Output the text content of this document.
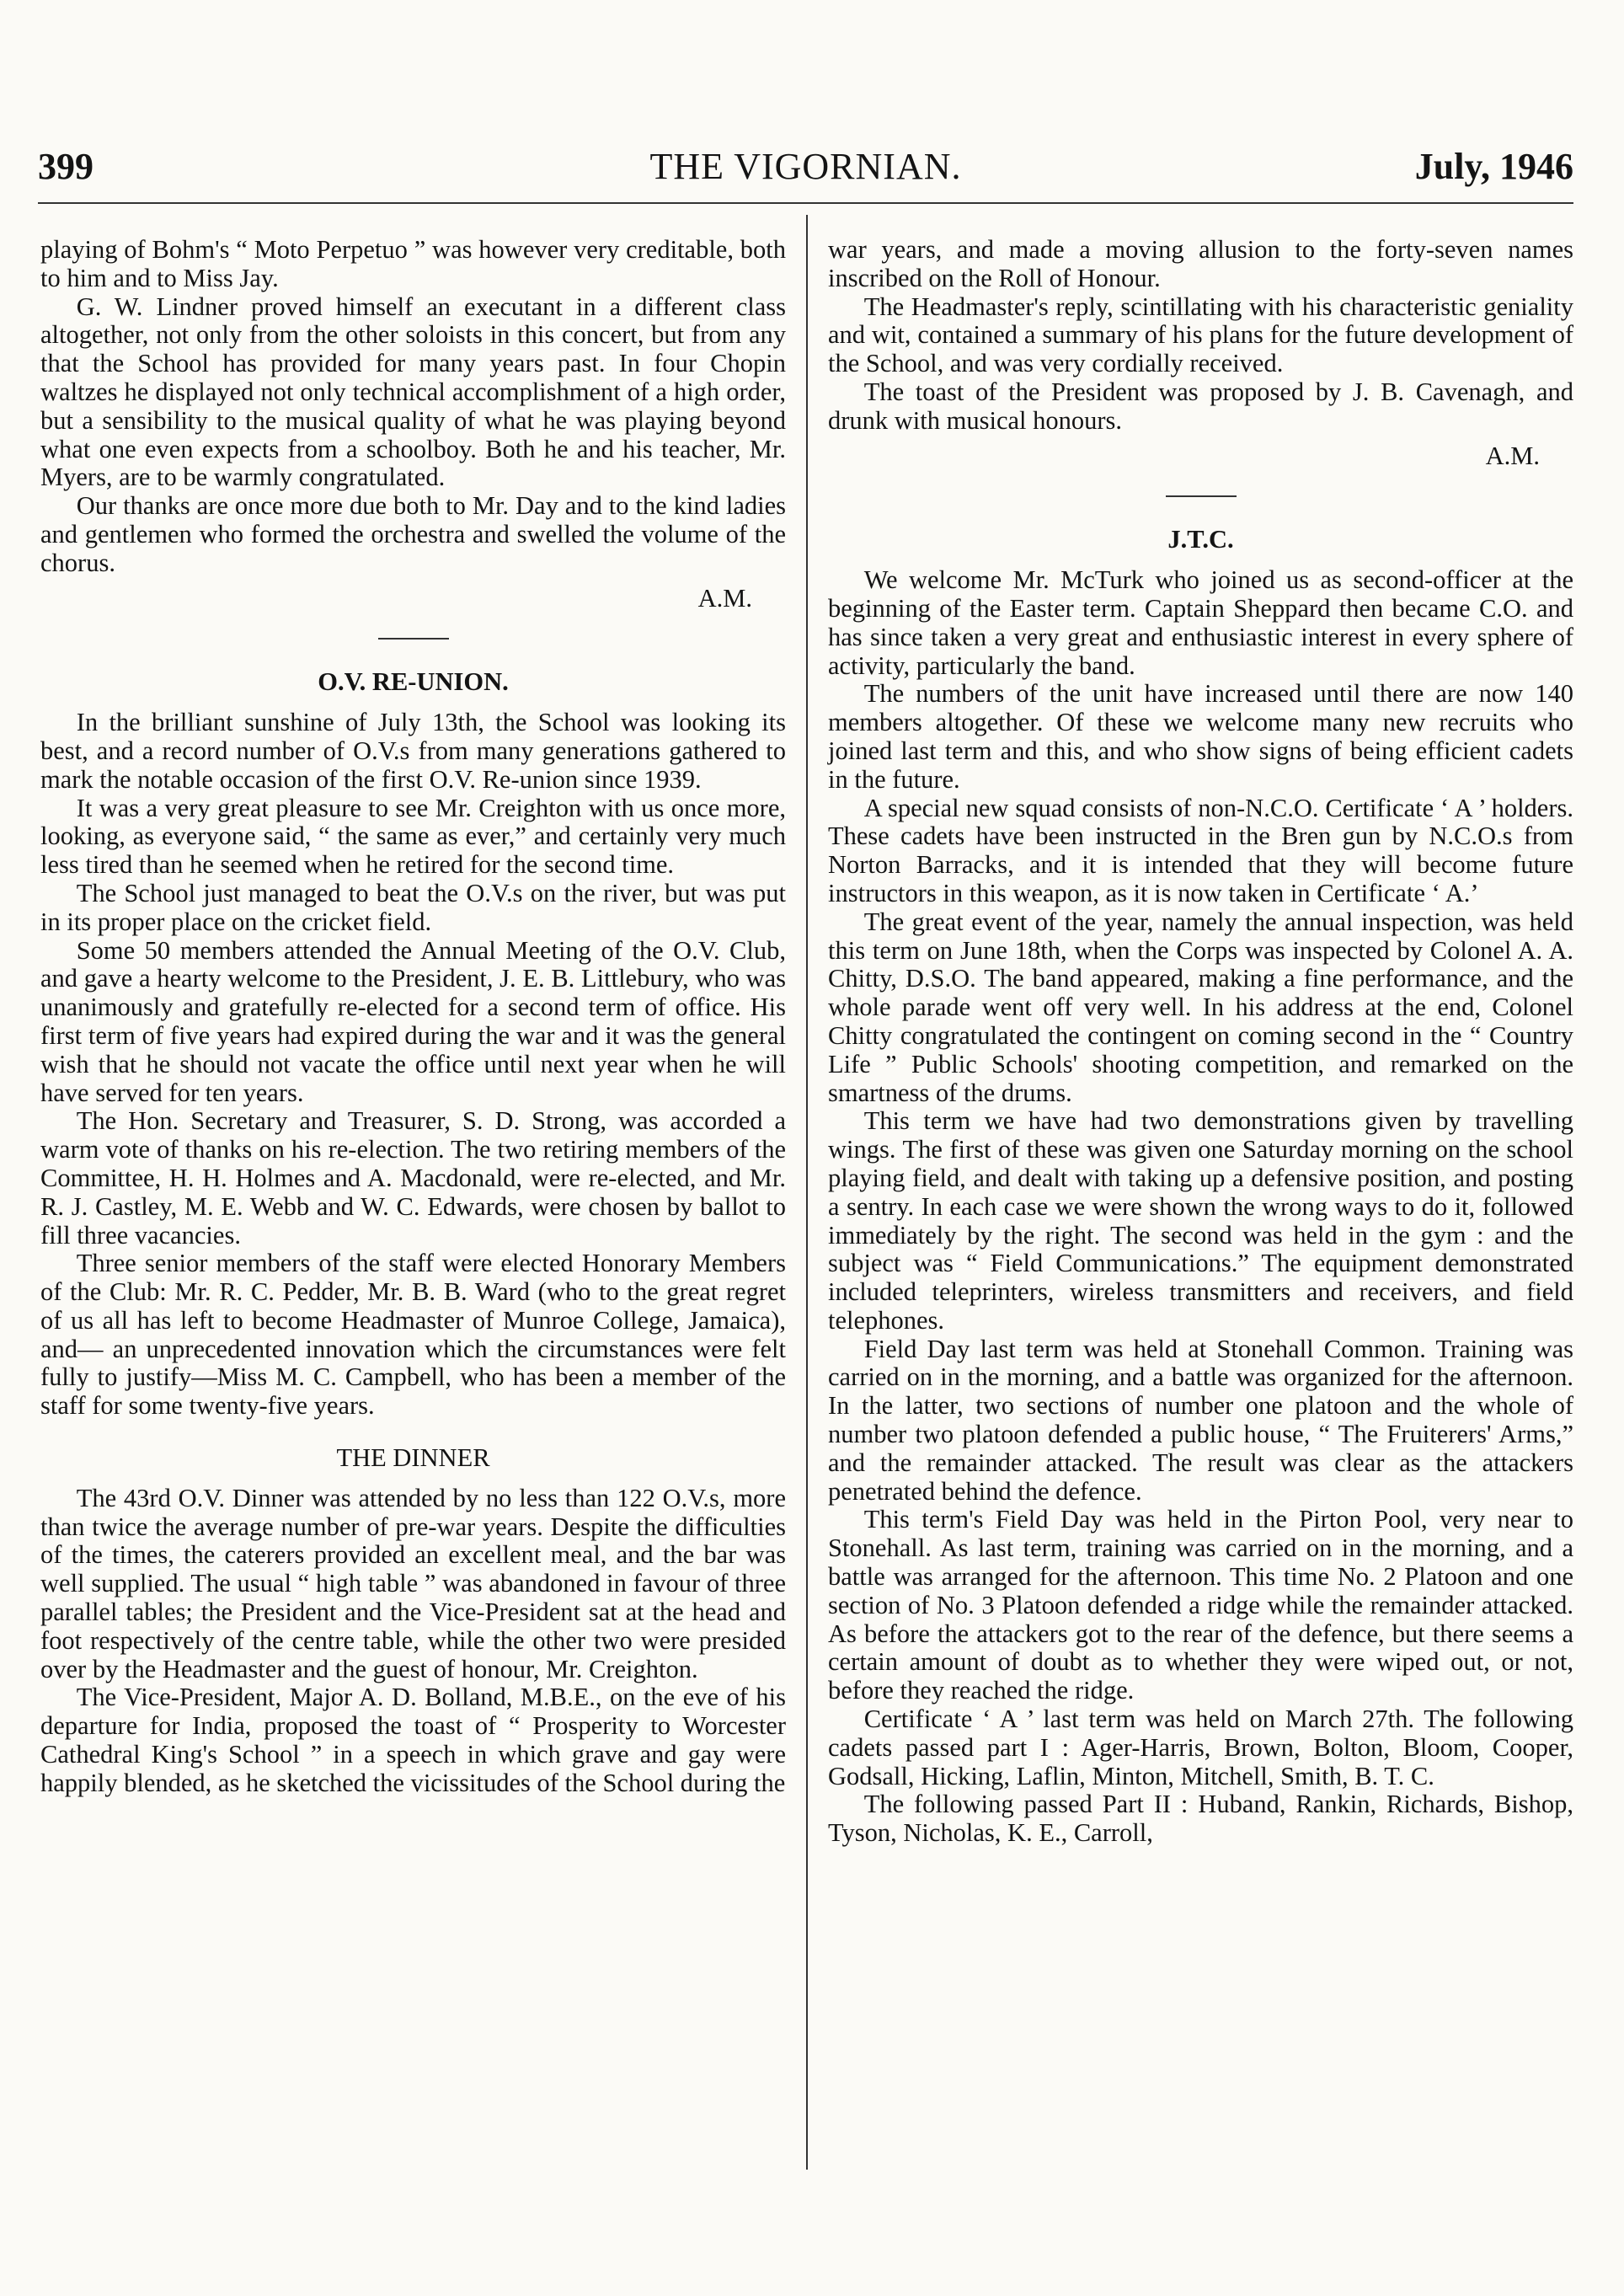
399	THE VIGORNIAN.	July, 1946

playing of Bohm's “ Moto Perpetuo ” was however very creditable, both to him and to Miss Jay.

G. W. Lindner proved himself an executant in a different class altogether, not only from the other soloists in this concert, but from any that the School has provided for many years past. In four Chopin waltzes he displayed not only technical accomplishment of a high order, but a sensibility to the musical quality of what he was playing beyond what one even expects from a schoolboy. Both he and his teacher, Mr. Myers, are to be warmly congratulated.

Our thanks are once more due both to Mr. Day and to the kind ladies and gentlemen who formed the orchestra and swelled the volume of the chorus.

A.M.
O.V. RE-UNION.

In the brilliant sunshine of July 13th, the School was looking its best, and a record number of O.V.s from many generations gathered to mark the notable occasion of the first O.V. Re-union since 1939.

It was a very great pleasure to see Mr. Creighton with us once more, looking, as everyone said, “ the same as ever,” and certainly very much less tired than he seemed when he retired for the second time.

The School just managed to beat the O.V.s on the river, but was put in its proper place on the cricket field.

Some 50 members attended the Annual Meeting of the O.V. Club, and gave a hearty welcome to the President, J. E. B. Littlebury, who was unanimously and gratefully re-elected for a second term of office. His first term of five years had expired during the war and it was the general wish that he should not vacate the office until next year when he will have served for ten years.

The Hon. Secretary and Treasurer, S. D. Strong, was accorded a warm vote of thanks on his re-election. The two retiring members of the Committee, H. H. Holmes and A. Macdonald, were re-elected, and Mr. R. J. Castley, M. E. Webb and W. C. Edwards, were chosen by ballot to fill three vacancies.

Three senior members of the staff were elected Honorary Members of the Club: Mr. R. C. Pedder, Mr. B. B. Ward (who to the great regret of us all has left to become Headmaster of Munroe College, Jamaica), and— an unprecedented innovation which the circumstances were felt fully to justify—Miss M. C. Campbell, who has been a member of the staff for some twenty-five years.

THE DINNER

The 43rd O.V. Dinner was attended by no less than 122 O.V.s, more than twice the average number of pre-war years. Despite the difficulties of the times, the caterers provided an excellent meal, and the bar was well supplied. The usual “ high table ” was abandoned in favour of three parallel tables; the President and the Vice-President sat at the head and foot respectively of the centre table, while the other two were presided over by the Headmaster and the guest of honour, Mr. Creighton.

The Vice-President, Major A. D. Bolland, M.B.E., on the eve of his departure for India, proposed the toast of “ Prosperity to Worcester Cathedral King's School ” in a speech in which grave and gay were happily blended, as he sketched the vicissitudes of the School during the

war years, and made a moving allusion to the forty-seven names inscribed on the Roll of Honour.

The Headmaster's reply, scintillating with his characteristic geniality and wit, contained a summary of his plans for the future development of the School, and was very cordially received.

The toast of the President was proposed by J. B. Cavenagh, and drunk with musical honours.

A.M.
J.T.C.

We welcome Mr. McTurk who joined us as second-officer at the beginning of the Easter term. Captain Sheppard then became C.O. and has since taken a very great and enthusiastic interest in every sphere of activity, particularly the band.

The numbers of the unit have increased until there are now 140 members altogether. Of these we welcome many new recruits who joined last term and this, and who show signs of being efficient cadets in the future.

A special new squad consists of non-N.C.O. Certificate ‘ A ’ holders. These cadets have been instructed in the Bren gun by N.C.O.s from Norton Barracks, and it is intended that they will become future instructors in this weapon, as it is now taken in Certificate ‘ A.’

The great event of the year, namely the annual inspection, was held this term on June 18th, when the Corps was inspected by Colonel A. A. Chitty, D.S.O. The band appeared, making a fine performance, and the whole parade went off very well. In his address at the end, Colonel Chitty congratulated the contingent on coming second in the “ Country Life ” Public Schools' shooting competition, and remarked on the smartness of the drums.

This term we have had two demonstrations given by travelling wings. The first of these was given one Saturday morning on the school playing field, and dealt with taking up a defensive position, and posting a sentry. In each case we were shown the wrong ways to do it, followed immediately by the right. The second was held in the gym : and the subject was “ Field Communications.” The equipment demonstrated included teleprinters, wireless transmitters and receivers, and field telephones.

Field Day last term was held at Stonehall Common. Training was carried on in the morning, and a battle was organized for the afternoon. In the latter, two sections of number one platoon and the whole of number two platoon defended a public house, “ The Fruiterers' Arms,” and the remainder attacked. The result was clear as the attackers penetrated behind the defence.

This term's Field Day was held in the Pirton Pool, very near to Stonehall. As last term, training was carried on in the morning, and a battle was arranged for the afternoon. This time No. 2 Platoon and one section of No. 3 Platoon defended a ridge while the remainder attacked. As before the attackers got to the rear of the defence, but there seems a certain amount of doubt as to whether they were wiped out, or not, before they reached the ridge.

Certificate ‘ A ’ last term was held on March 27th. The following cadets passed part I : Ager-Harris, Brown, Bolton, Bloom, Cooper, Godsall, Hicking, Laflin, Minton, Mitchell, Smith, B. T. C.

The following passed Part II : Huband, Rankin, Richards, Bishop, Tyson, Nicholas, K. E., Carroll,
